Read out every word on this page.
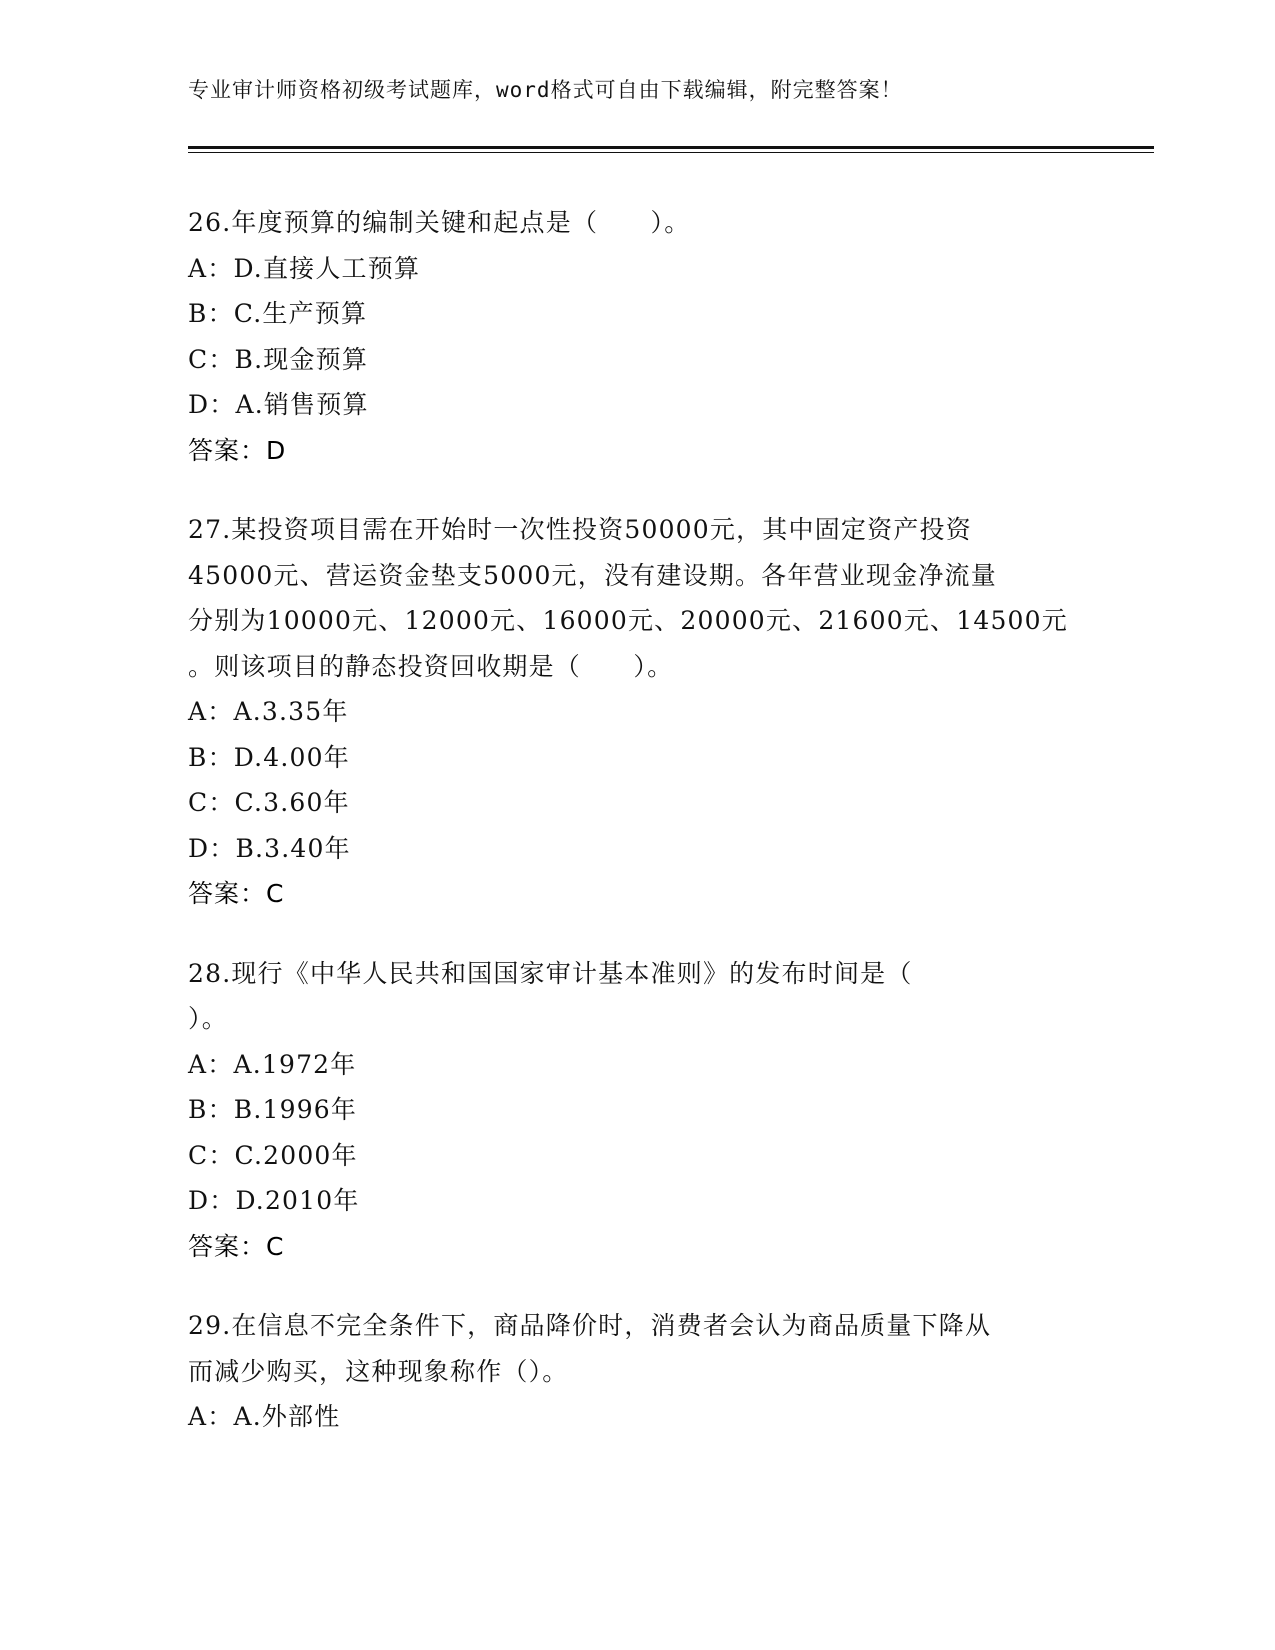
专业审计师资格初级考试题库，word格式可自由下载编辑，附完整答案！
26.年度预算的编制关键和起点是（　　）。
A：D.直接人工预算
B：C.生产预算
C：B.现金预算
D：A.销售预算
答案：D
27.某投资项目需在开始时一次性投资50000元，其中固定资产投资
45000元、营运资金垫支5000元，没有建设期。各年营业现金净流量
分别为10000元、12000元、16000元、20000元、21600元、14500元
。则该项目的静态投资回收期是（　　）。
A：A.3.35年
B：D.4.00年
C：C.3.60年
D：B.3.40年
答案：C
28.现行《中华人民共和国国家审计基本准则》的发布时间是（
）。
A：A.1972年
B：B.1996年
C：C.2000年
D：D.2010年
答案：C
29.在信息不完全条件下，商品降价时，消费者会认为商品质量下降从
而减少购买，这种现象称作（）。
A：A.外部性
